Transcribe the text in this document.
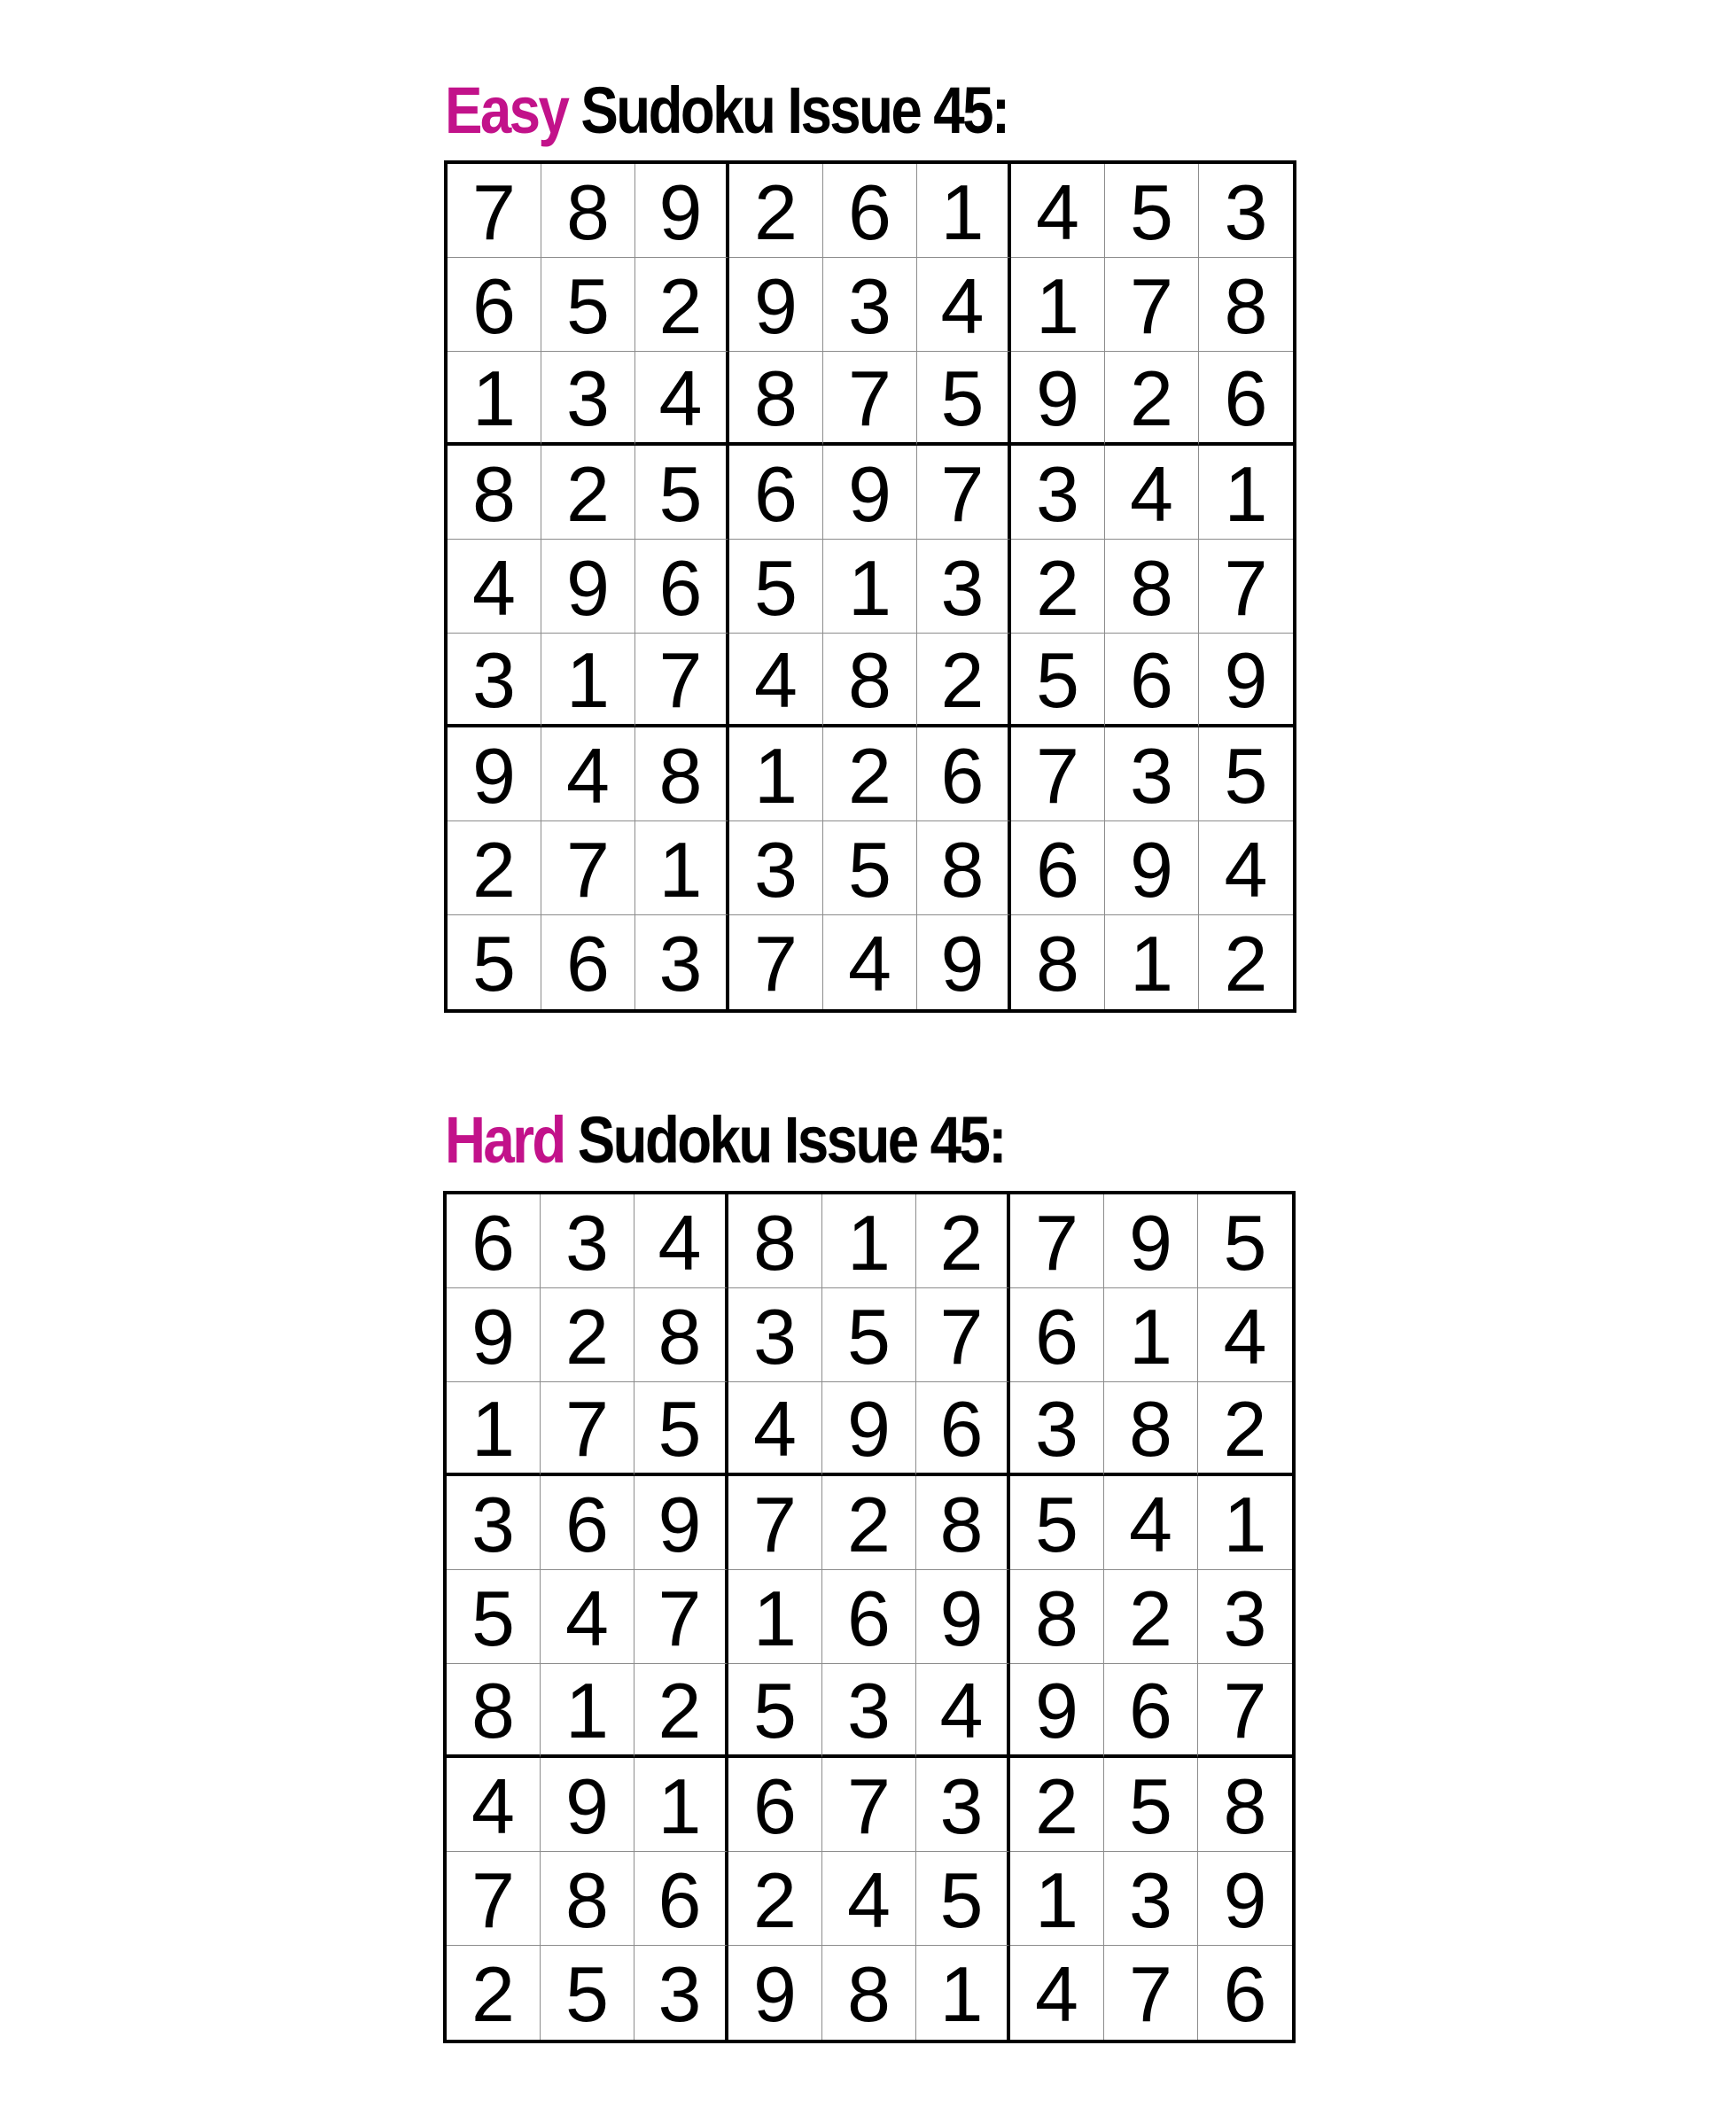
Easy Sudoku Issue 45:
7 8 9 2 6 1 4 5 3
6 5 2 9 3 4 1 7 8
1 3 4 8 7 5 9 2 6
8 2 5 6 9 7 3 4 1
4 9 6 5 1 3 2 8 7
3 1 7 4 8 2 5 6 9
9 4 8 1 2 6 7 3 5
2 7 1 3 5 8 6 9 4
5 6 3 7 4 9 8 1 2
Hard Sudoku Issue 45:
6 3 4 8 1 2 7 9 5
9 2 8 3 5 7 6 1 4
1 7 5 4 9 6 3 8 2
3 6 9 7 2 8 5 4 1
5 4 7 1 6 9 8 2 3
8 1 2 5 3 4 9 6 7
4 9 1 6 7 3 2 5 8
7 8 6 2 4 5 1 3 9
2 5 3 9 8 1 4 7 6
